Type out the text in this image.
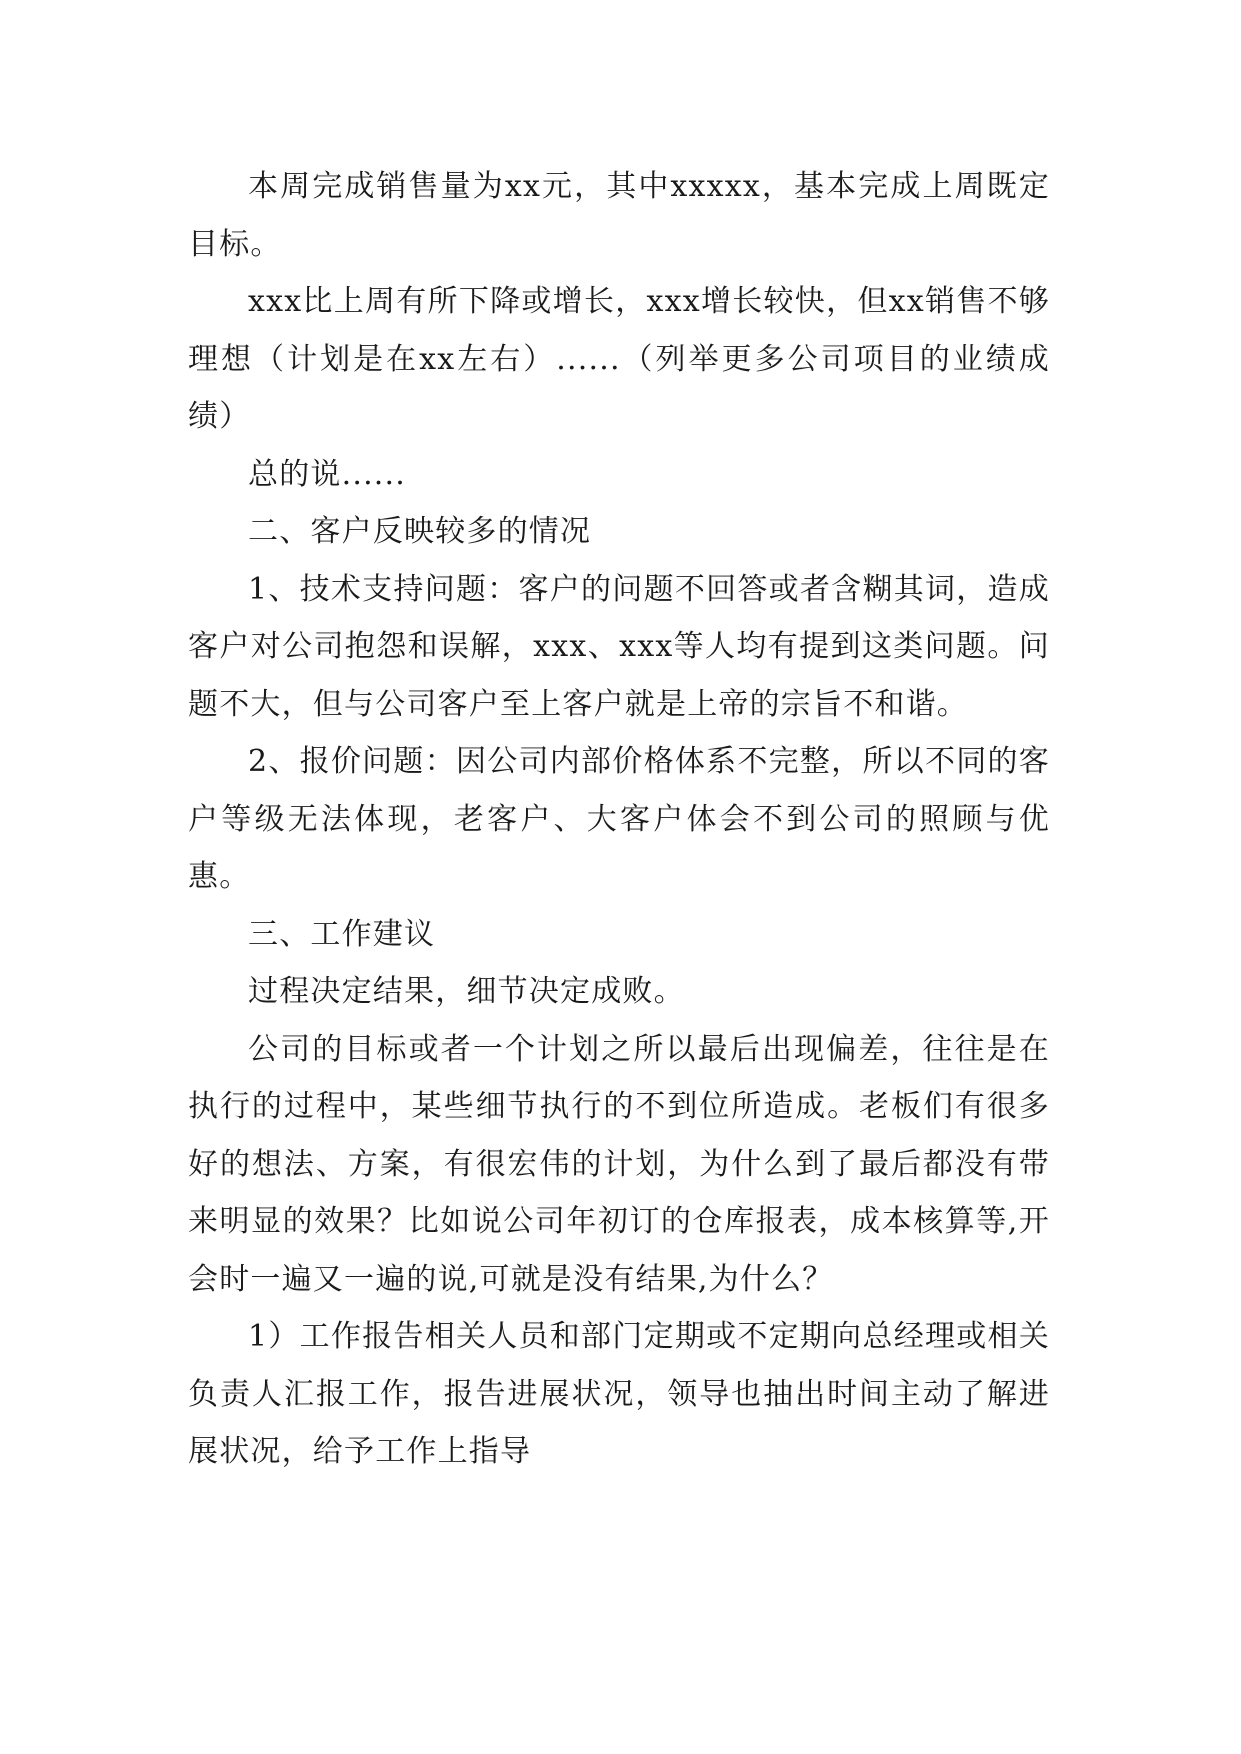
本周完成销售量为xx元，其中xxxxx，基本完成上周既定目标。

xxx比上周有所下降或增长，xxx增长较快，但xx销售不够理想（计划是在xx左右）......（列举更多公司项目的业绩成绩）

总的说......

二、客户反映较多的情况

1、技术支持问题：客户的问题不回答或者含糊其词，造成客户对公司抱怨和误解，xxx、xxx等人均有提到这类问题。问题不大，但与公司客户至上客户就是上帝的宗旨不和谐。

2、报价问题：因公司内部价格体系不完整，所以不同的客户等级无法体现，老客户、大客户体会不到公司的照顾与优惠。

三、工作建议

过程决定结果，细节决定成败。

公司的目标或者一个计划之所以最后出现偏差，往往是在执行的过程中，某些细节执行的不到位所造成。老板们有很多好的想法、方案，有很宏伟的计划，为什么到了最后都没有带来明显的效果？比如说公司年初订的仓库报表，成本核算等,开会时一遍又一遍的说,可就是没有结果,为什么？

1）工作报告相关人员和部门定期或不定期向总经理或相关负责人汇报工作，报告进展状况，领导也抽出时间主动了解进展状况，给予工作上指导
